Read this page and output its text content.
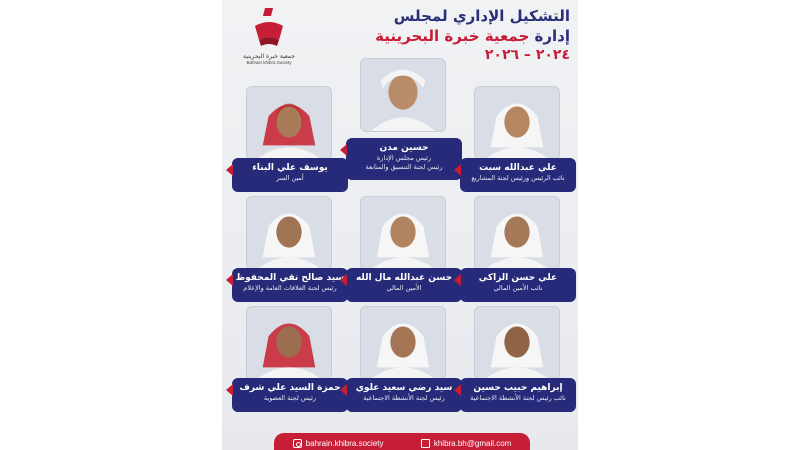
جمعية خبرة البحرينية
Bahrain khibra Society
التشكيل الإداري لمجلس
إدارة جمعية خبرة البحرينية
٢٠٢٤ – ٢٠٢٦
حسين مدن
رئيس مجلس الإدارة
رئيس لجنة التنسيق والمتابعة
يوسف علي البناء
أمين السر
علي عبدالله سبت
نائب الرئيس ورئيس لجنة المشاريع
سيد صالح تقي المحفوظ
رئيس لجنة العلاقات العامة والإعلام
حسن عبدالله مال الله
الأمين المالي
علي حسن الزاكي
نائب الأمين المالي
حمزة السيد علي شرف
رئيس لجنة العضوية
سيد رضي سعيد علوي
رئيس لجنة الأنشطة الاجتماعية
إبراهيم حبيب حسين
نائب رئيس لجنة الأنشطة الاجتماعية
bahrain.khibra.society	khibra.bh@gmail.com
